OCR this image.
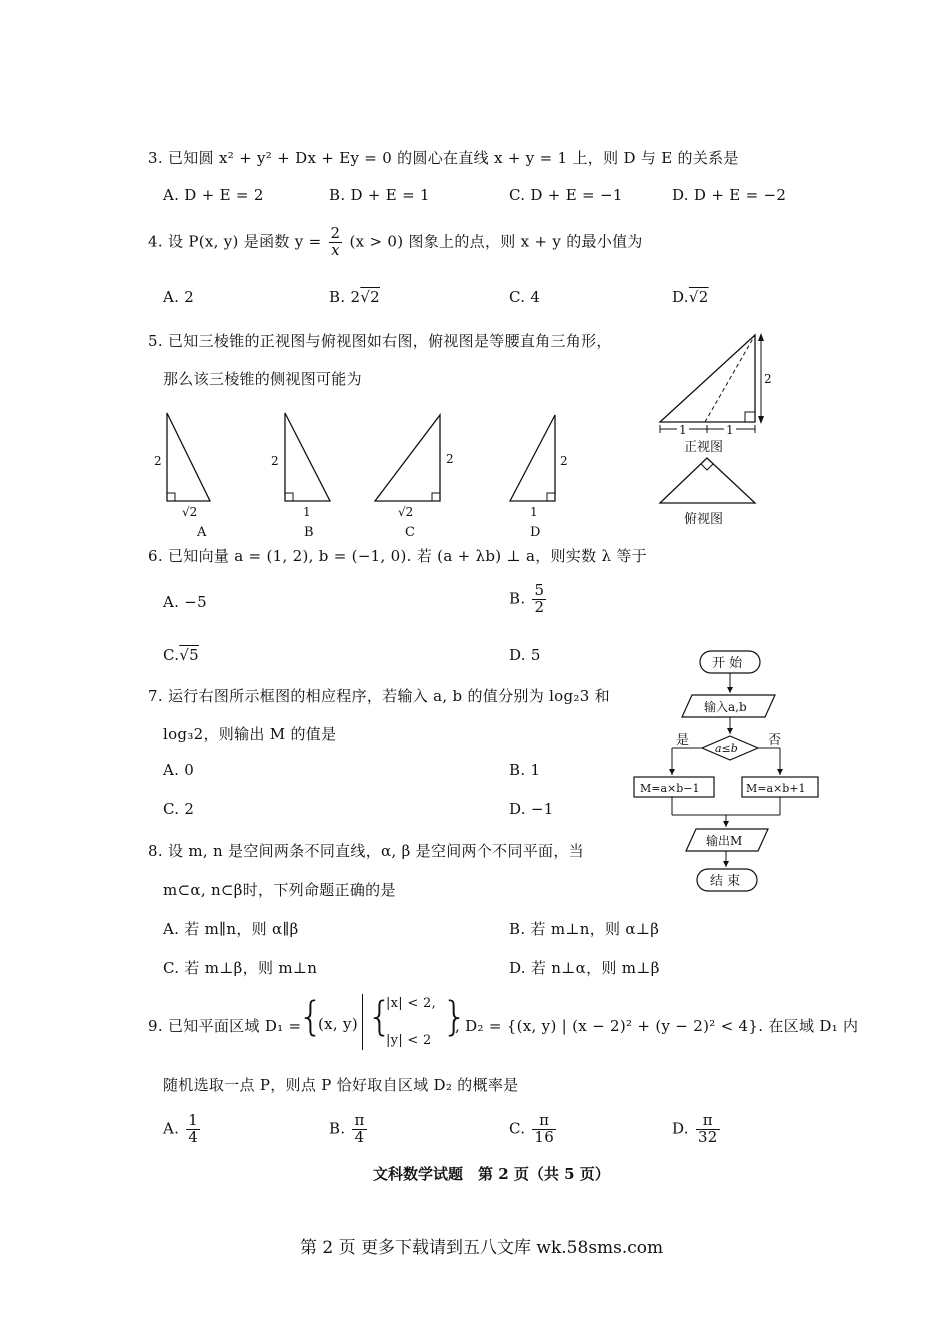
3. 已知圆 x² + y² + Dx + Ey = 0 的圆心在直线 x + y = 1 上，则 D 与 E 的关系是
A. D + E = 2	B. D + E = 1	C. D + E = −1	D. D + E = −2
4. 设 P(x, y) 是函数 $y = \frac{2}{x} (x > 0)$ 图象上的点，则 x + y 的最小值为
A. 2	B. 2√2	C. 4	D.√2
5. 已知三棱锥的正视图与俯视图如右图，俯视图是等腰直角三角形，
那么该三棱锥的侧视图可能为
2
√2
A
2
1
B
2
√2
C
2
1
D
2
1	1
正视图
俯视图
6. 已知向量 a = (1, 2), b = (−1, 0). 若 (a + λb) ⊥ a，则实数 λ 等于
A. −5	B. $\frac{5}{2}$
C.√5	D. 5
7. 运行右图所示框图的相应程序，若输入 a, b 的值分别为 log₂3 和
log₃2，则输出 M 的值是
A. 0	B. 1
C. 2	D. −1
开 始
输入a,b
a≤b
是	否
M=a×b−1	M=a×b+1
输出M
结 束
8. 设 m, n 是空间两条不同直线，α, β 是空间两个不同平面，当
m⊂α, n⊂β时，下列命题正确的是
A. 若 m∥n，则 α∥β	B. 若 m⊥n，则 α⊥β
C. 若 m⊥β，则 m⊥n	D. 若 n⊥α，则 m⊥β
9. 已知平面区域 D₁ =
{
(x, y) {
|x| < 2,
|y| < 2
}
, D₂ = {(x, y) | (x − 2)² + (y − 2)² < 4}. 在区域 D₁ 内
随机选取一点 P，则点 P 恰好取自区域 D₂ 的概率是
A. $\frac{1}{4}$	B. $\frac{\pi}{4}$	C. $\frac{\pi}{16}$	D. $\frac{\pi}{32}$
文科数学试题　第 2 页（共 5 页）
第 2 页 更多下载请到五八文库 wk.58sms.com
